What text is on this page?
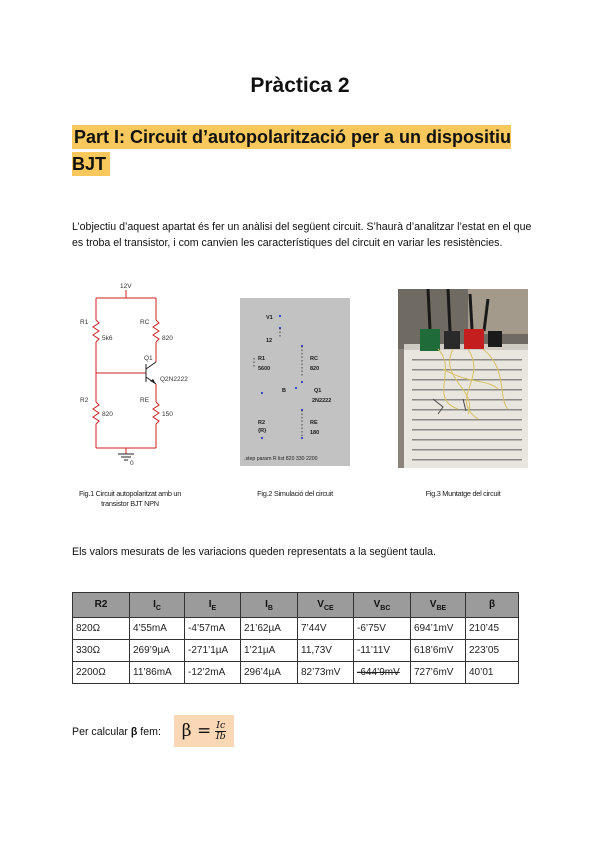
Pràctica 2
Part I: Circuit d’autopolarització per a un dispositiu BJT
L’objectiu d’aquest apartat és fer un anàlisi del següent circuit. S’haurà d’analitzar l’estat en el que es troba el transistor, i com canvien les característiques del circuit en variar les resistències.
12V
R1
5k6
RC
820
Q1
Q2N2222
R2
820
RE
150
0
V1
12
RC
R1
5600	820
B	Q1
2N2222
R2
{R}
RE
180
.step param R list 820 330 2200
Fig.1 Circuit autopolaritzat amb un transistor BJT NPN
Fig.2 Simulació del circuit	Fig.3 Muntatge del circuit
Els valors mesurats de les variacions queden representats a la següent taula.
R2	$I_C$	$I_E$	$I_B$	$V_{CE}$	$V_{BC}$	$V_{BE}$	β
820Ω	4’55mA	-4’57mA	21’62µA	7’44V	-6’75V	694’1mV	210’45
330Ω	269’9µA	-271’1µA	1’21µA	11,73V	-11’11V	618’6mV	223’05
2200Ω	11’86mA	-12’2mA	296’4µA	82’73mV	-644’9mV	727’6mV	40’01
Per calcular β fem: $\beta = \frac{Ic}{Ib}$
